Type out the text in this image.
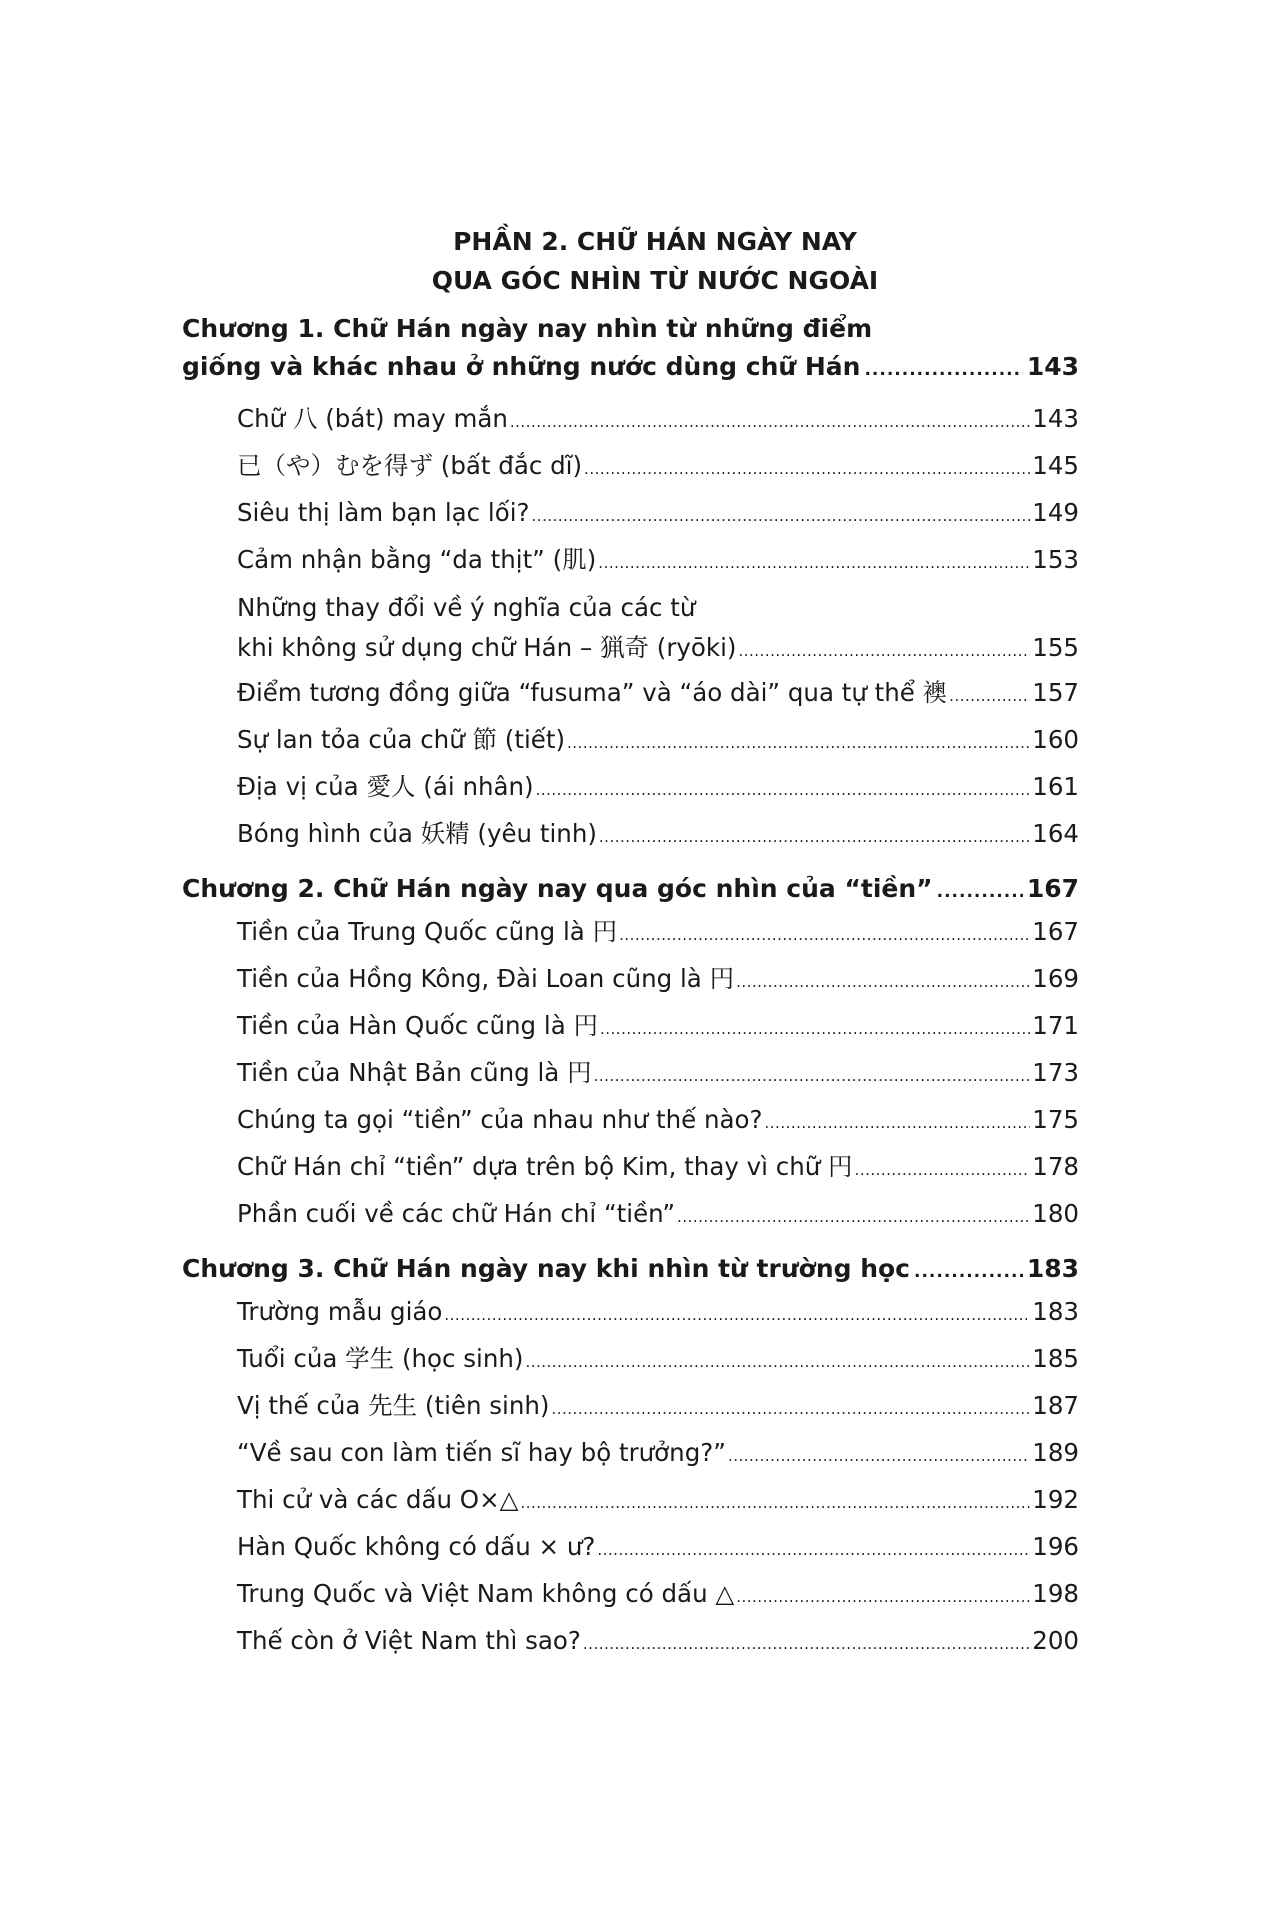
PHẦN 2. CHỮ HÁN NGÀY NAY
QUA GÓC NHÌN TỪ NƯỚC NGOÀI
Chương 1. Chữ Hán ngày nay nhìn từ những điểm
giống và khác nhau ở những nước dùng chữ Hán .....	143
Chữ 八 (bát) may mắn .....	143
已（や）むを得ず (bất đắc dĩ) .....	145
Siêu thị làm bạn lạc lối? .....	149
Cảm nhận bằng “da thịt” (肌) .....	153
Những thay đổi về ý nghĩa của các từ
khi không sử dụng chữ Hán – 猟奇 (ryōki) .....	155
Điểm tương đồng giữa “fusuma” và “áo dài” qua tự thể 襖 .....	157
Sự lan tỏa của chữ 節 (tiết) .....	160
Địa vị của 愛人 (ái nhân) .....	161
Bóng hình của 妖精 (yêu tinh) .....	164
Chương 2. Chữ Hán ngày nay qua góc nhìn của “tiền” .....	167
Tiền của Trung Quốc cũng là 円 .....	167
Tiền của Hồng Kông, Đài Loan cũng là 円 .....	169
Tiền của Hàn Quốc cũng là 円 .....	171
Tiền của Nhật Bản cũng là 円 .....	173
Chúng ta gọi “tiền” của nhau như thế nào? .....	175
Chữ Hán chỉ “tiền” dựa trên bộ Kim, thay vì chữ 円 .....	178
Phần cuối về các chữ Hán chỉ “tiền” .....	180
Chương 3. Chữ Hán ngày nay khi nhìn từ trường học .....	183
Trường mẫu giáo .....	183
Tuổi của 学生 (học sinh) .....	185
Vị thế của 先生 (tiên sinh) .....	187
“Về sau con làm tiến sĩ hay bộ trưởng?” .....	189
Thi cử và các dấu O×△ .....	192
Hàn Quốc không có dấu × ư? .....	196
Trung Quốc và Việt Nam không có dấu △ .....	198
Thế còn ở Việt Nam thì sao? .....	200
